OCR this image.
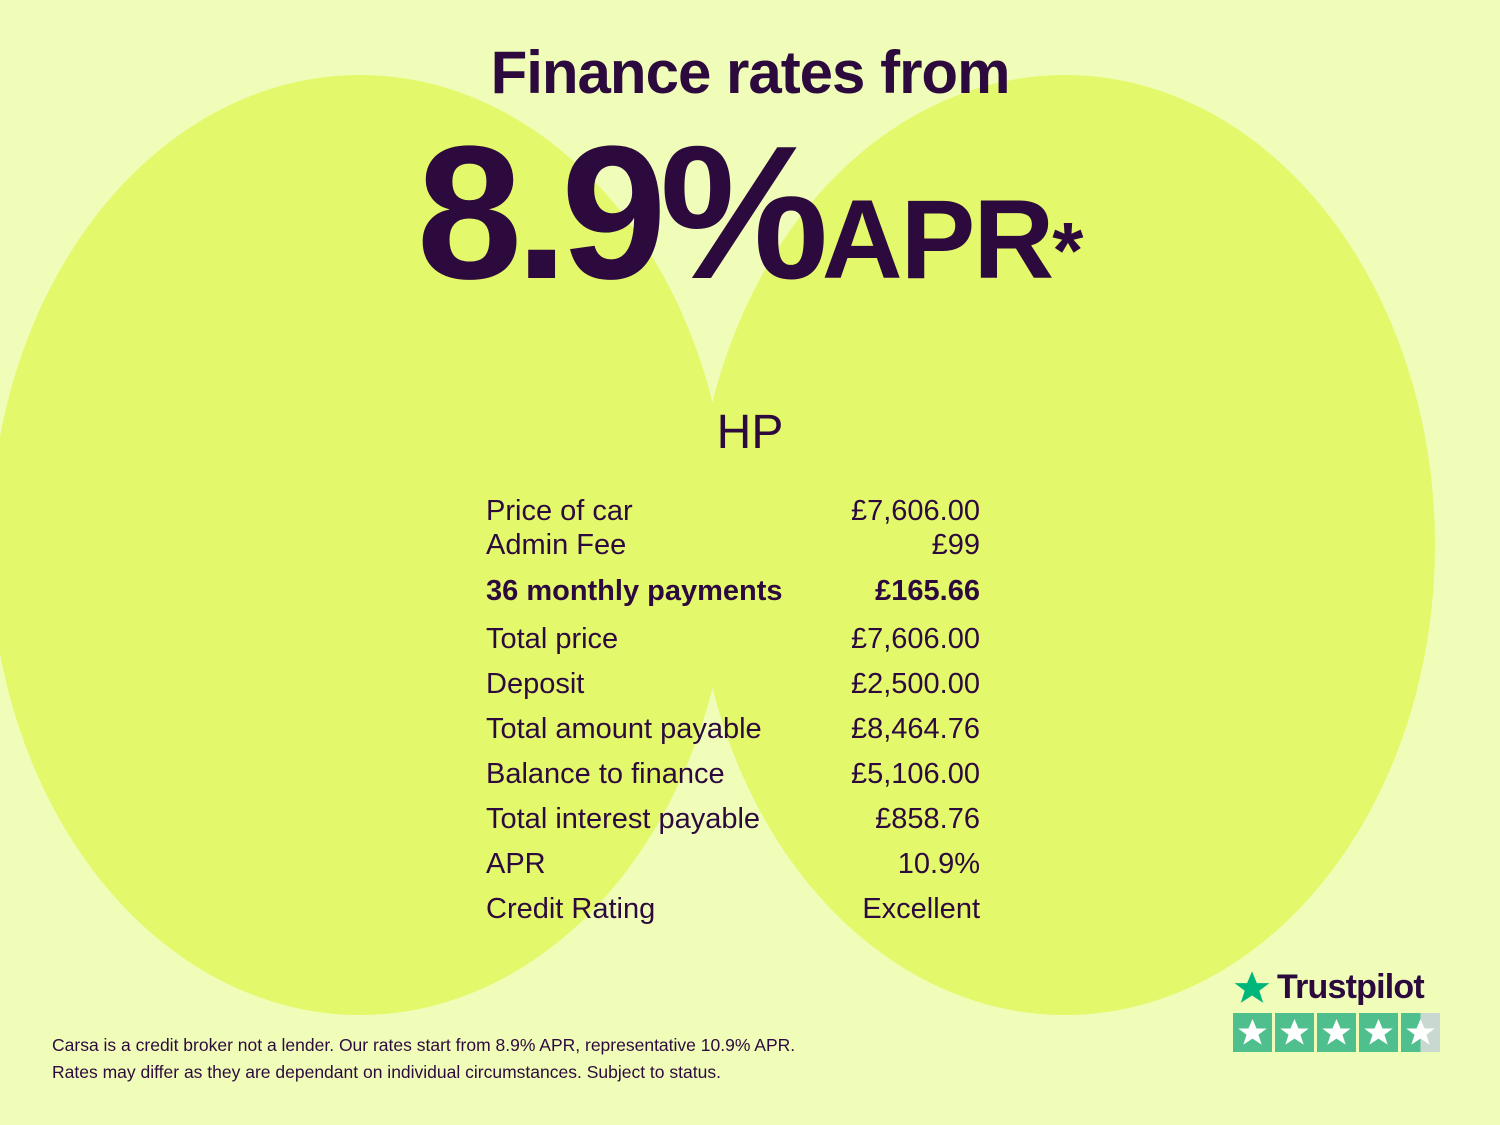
Finance rates from
8.9%APR*
HP
Price of car	£7,606.00
Admin Fee	£99
36 monthly payments	£165.66
Total price	£7,606.00
Deposit	£2,500.00
Total amount payable	£8,464.76
Balance to finance	£5,106.00
Total interest payable	£858.76
APR	10.9%
Credit Rating	Excellent
Carsa is a credit broker not a lender. Our rates start from 8.9% APR, representative 10.9% APR.
Rates may differ as they are dependant on individual circumstances. Subject to status.
Trustpilot
